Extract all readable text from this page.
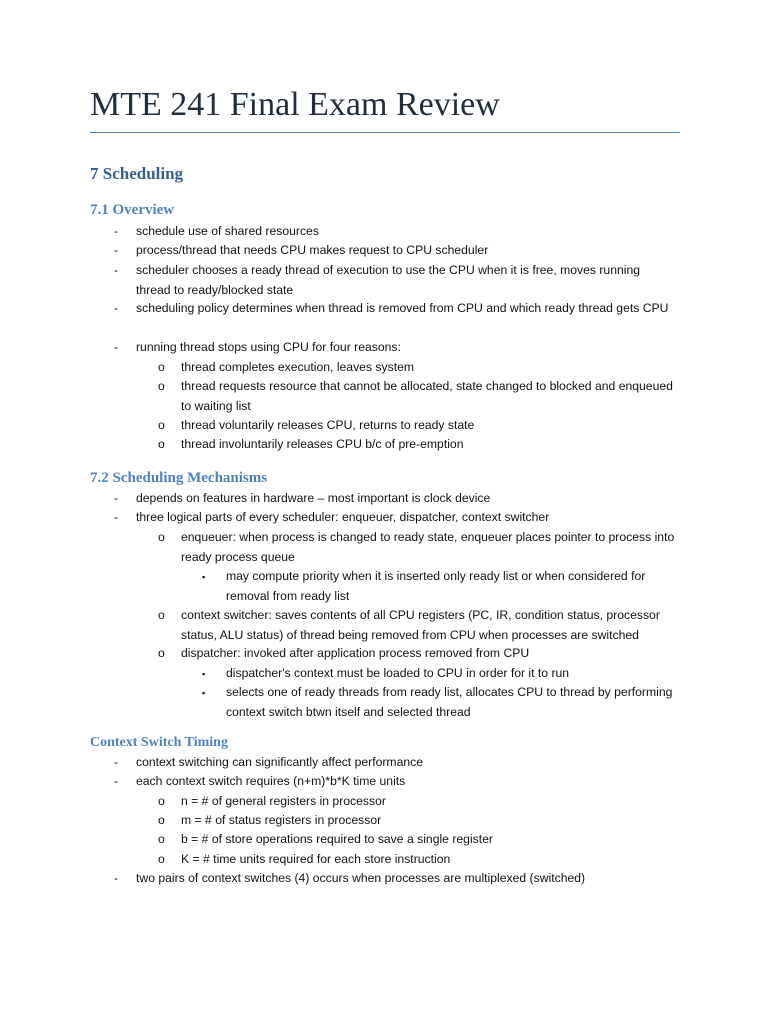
MTE 241 Final Exam Review
7 Scheduling
7.1 Overview
- schedule use of shared resources
- process/thread that needs CPU makes request to CPU scheduler
- scheduler chooses a ready thread of execution to use the CPU when it is free, moves running thread to ready/blocked state
- scheduling policy determines when thread is removed from CPU and which ready thread gets CPU
- running thread stops using CPU for four reasons:
o thread completes execution, leaves system
o thread requests resource that cannot be allocated, state changed to blocked and enqueued to waiting list
o thread voluntarily releases CPU, returns to ready state
o thread involuntarily releases CPU b/c of pre-emption
7.2 Scheduling Mechanisms
- depends on features in hardware – most important is clock device
- three logical parts of every scheduler: enqueuer, dispatcher, context switcher
o enqueuer: when process is changed to ready state, enqueuer places pointer to process into ready process queue
▪ may compute priority when it is inserted only ready list or when considered for removal from ready list
o context switcher: saves contents of all CPU registers (PC, IR, condition status, processor status, ALU status) of thread being removed from CPU when processes are switched
o dispatcher: invoked after application process removed from CPU
▪ dispatcher's context must be loaded to CPU in order for it to run
▪ selects one of ready threads from ready list, allocates CPU to thread by performing context switch btwn itself and selected thread
Context Switch Timing
- context switching can significantly affect performance
- each context switch requires (n+m)*b*K time units
o n = # of general registers in processor
o m = # of status registers in processor
o b = # of store operations required to save a single register
o K = # time units required for each store instruction
- two pairs of context switches (4) occurs when processes are multiplexed (switched)
